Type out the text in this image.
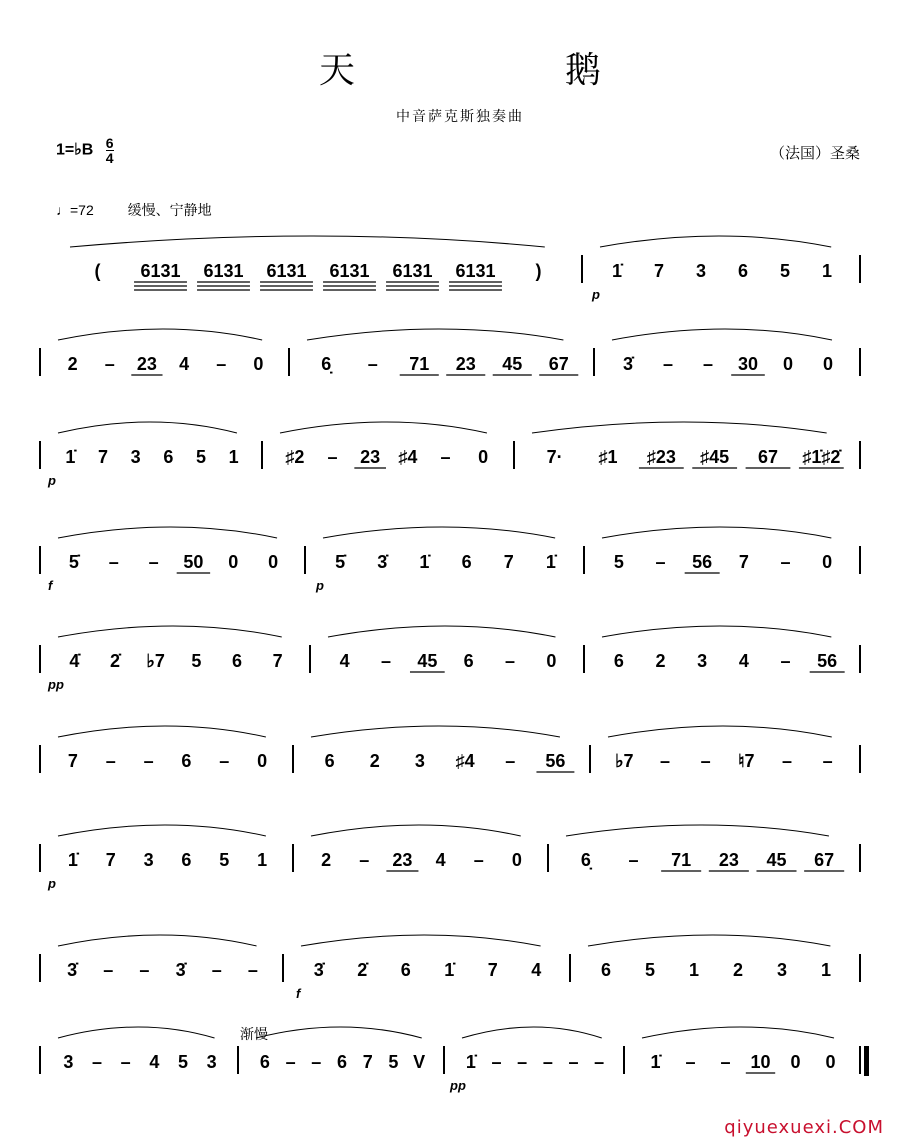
天	鹅
中音萨克斯独奏曲
1=♭B $\frac{6}{4}$	（法国）圣桑
♩=72 缓慢、宁静地
( 6131 6131 6131 6131 6131 6131 )	1̇ 7 3 6 5 1
p
2 – 23 4 – 0	6̣ – 71 23 45 67	3̇ – – 30 0 0
1̇ 7 3 6 5 1	♯2 – 23 ♯4 – 0	7· ♯1 ♯23 ♯45 67 ♯1̇♯2̇
p
5̇ – – 50 0 0	5̇ 3̇ 1̇ 6 7 1̇	5 – 56 7 – 0
f	p
4̇ 2̇ ♭7 5 6 7	4 – 45 6 – 0	6 2 3 4 – 56
pp
7 – – 6 – 0	6 2 3 ♯4 – 56	♭7 – – ♮7 – –
1̇ 7 3 6 5 1	2 – 23 4 – 0	6̣ – 71 23 45 67
p
3̇ – – 3̇ – –	3̇ 2̇ 6 1̇ 7 4	6 5 1 2 3 1
f
3 – – 4 5 3 6 – – 6 7 5 V 1̇ – – – – –	1̇ – – 10 0 0
pp
渐慢
qiyuexuexi.COM
